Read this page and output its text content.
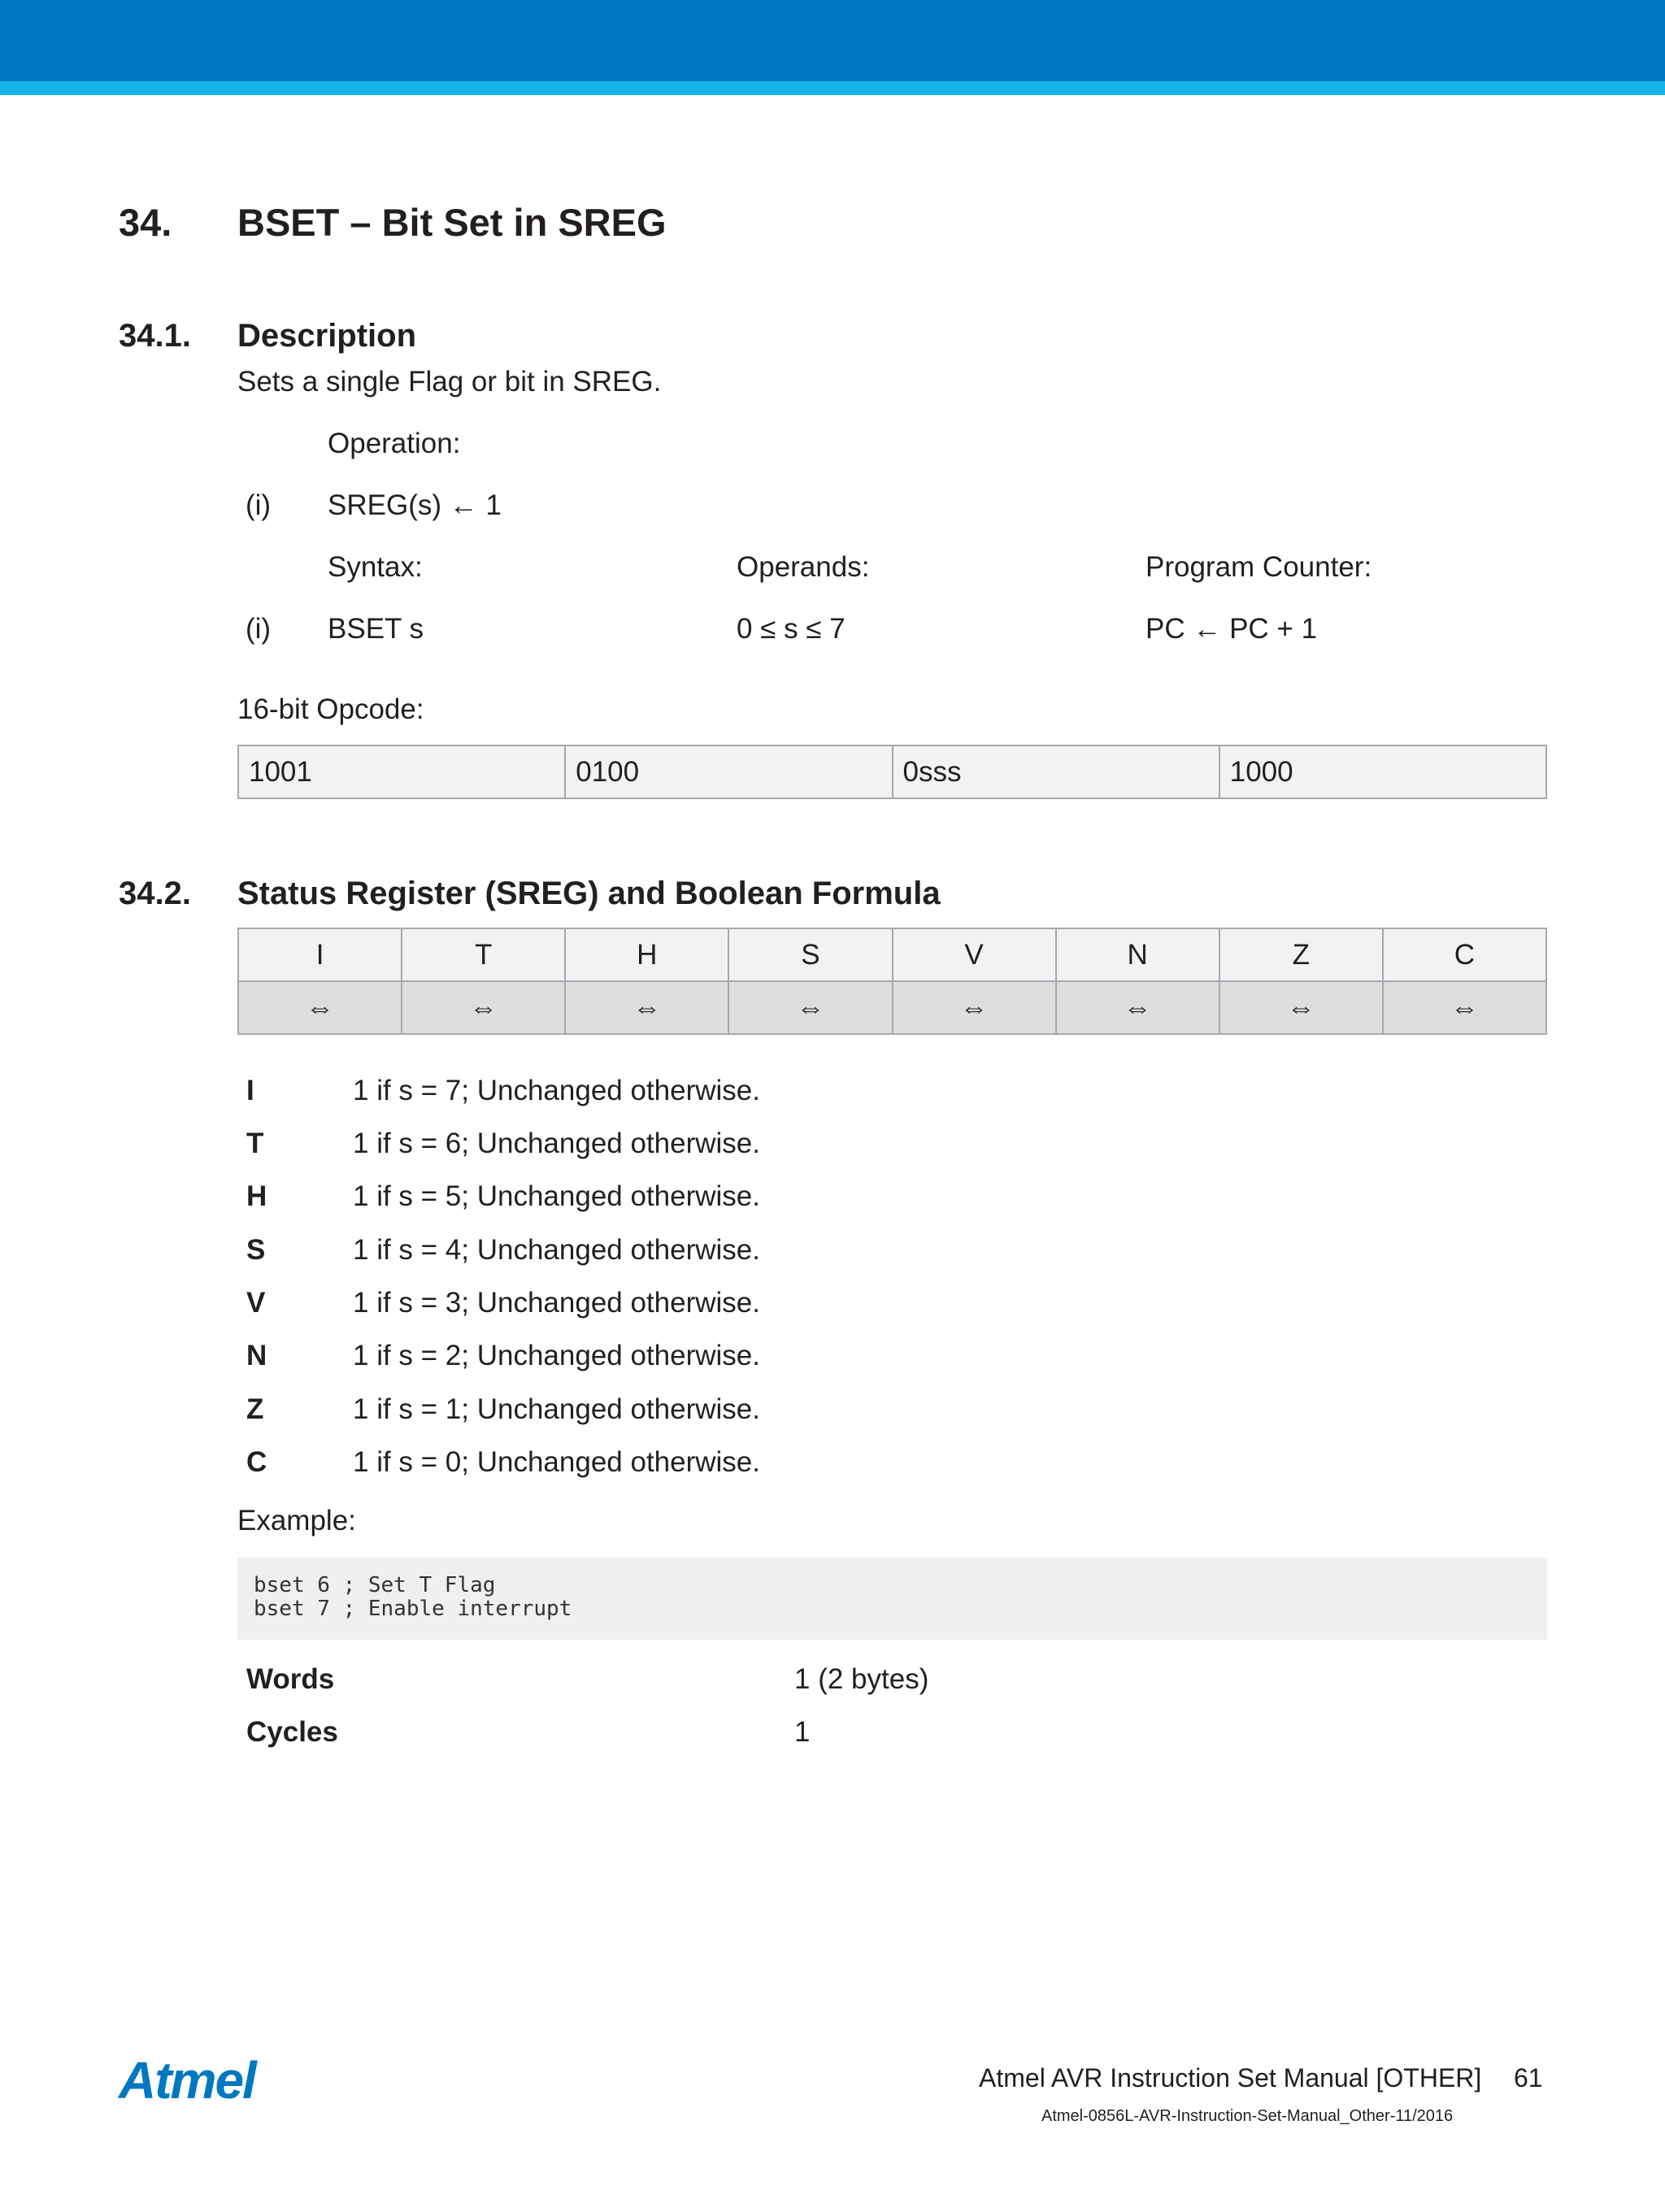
34. BSET – Bit Set in SREG
34.1. Description
Sets a single Flag or bit in SREG.
Operation:
(i) SREG(s) ← 1
Syntax:	Operands:	Program Counter:
(i) BSET s	0 ≤ s ≤ 7	PC ← PC + 1
16-bit Opcode:
1001	0100	0sss	1000
34.2. Status Register (SREG) and Boolean Formula
I	T	H	S	V	N	Z	C
⇔	⇔	⇔	⇔	⇔	⇔	⇔	⇔
I	1 if s = 7; Unchanged otherwise.
T	1 if s = 6; Unchanged otherwise.
H	1 if s = 5; Unchanged otherwise.
S	1 if s = 4; Unchanged otherwise.
V	1 if s = 3; Unchanged otherwise.
N	1 if s = 2; Unchanged otherwise.
Z	1 if s = 1; Unchanged otherwise.
C	1 if s = 0; Unchanged otherwise.
Example:
bset 6 ; Set T Flag
bset 7 ; Enable interrupt
Words	1 (2 bytes)
Cycles	1
Atmel	Atmel AVR Instruction Set Manual [OTHER] 61
Atmel-0856L-AVR-Instruction-Set-Manual_Other-11/2016
